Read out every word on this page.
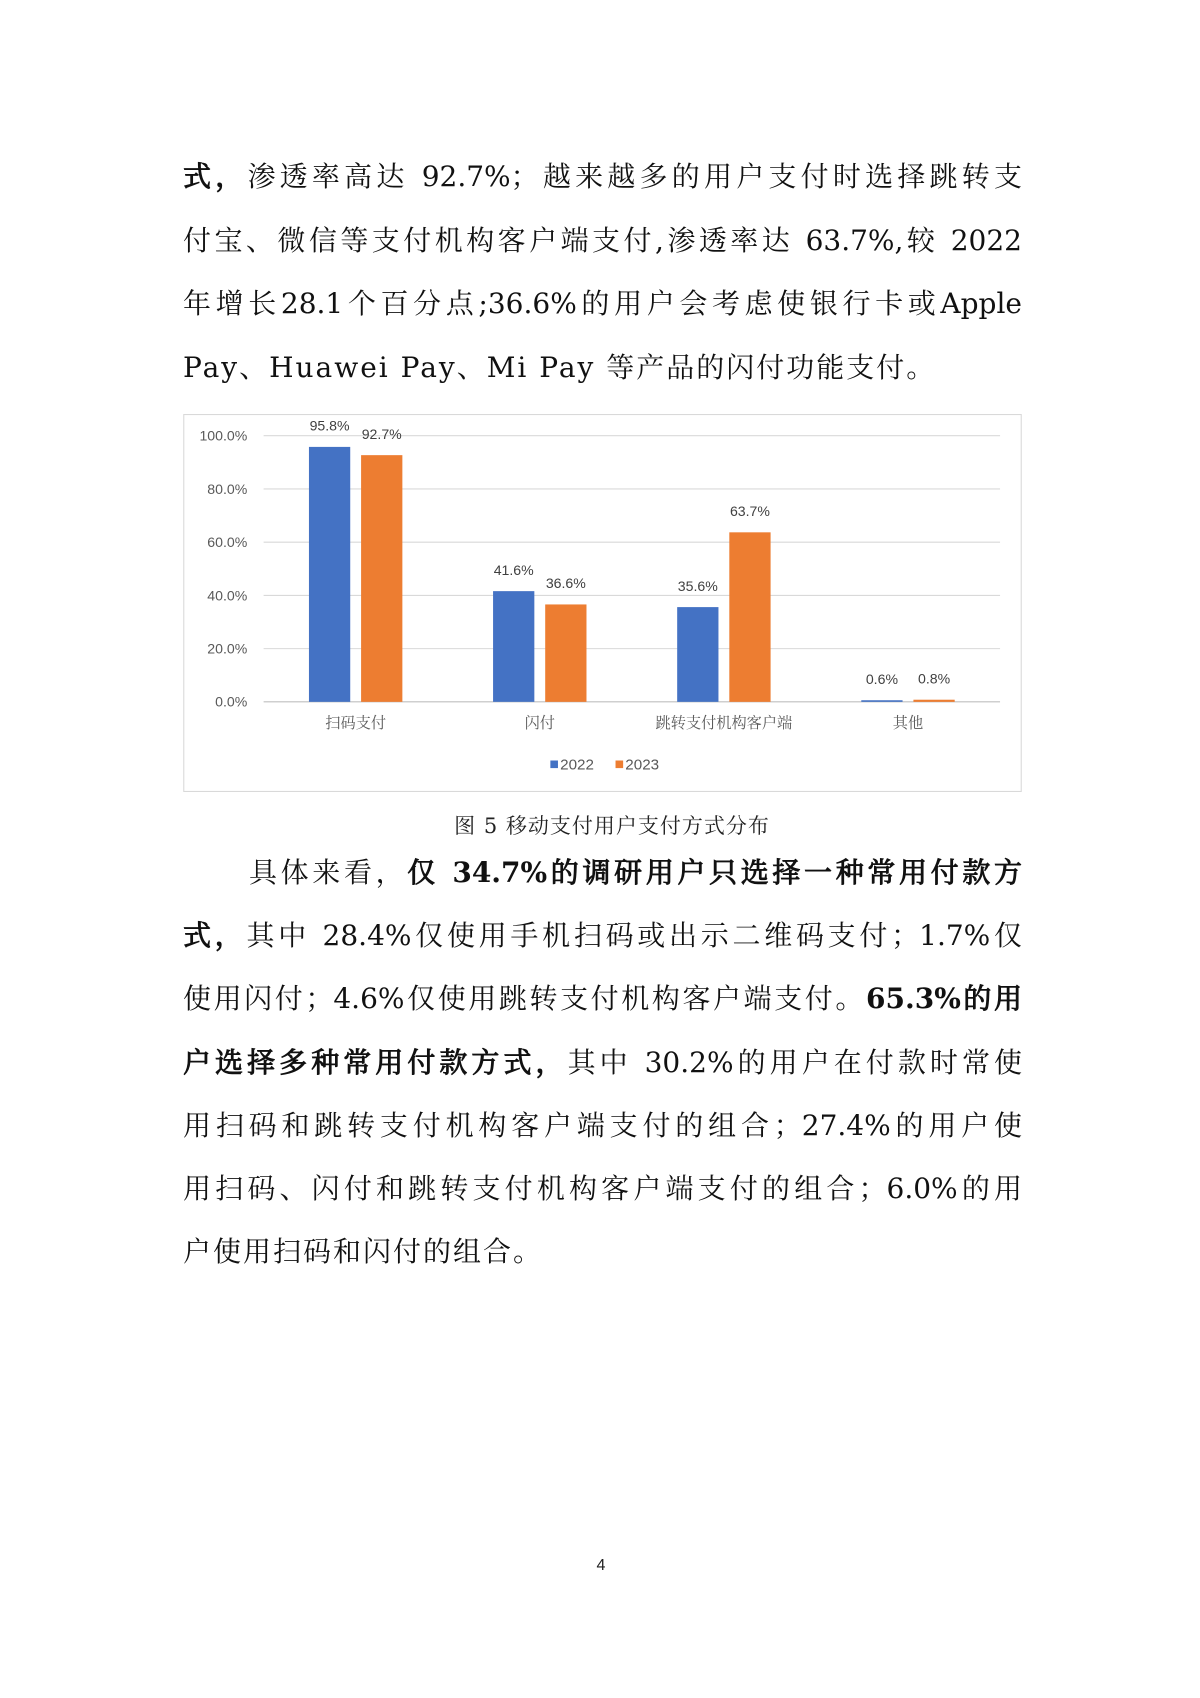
式，渗透率高达 92.7%；越来越多的用户支付时选择跳转支
付宝、微信等支付机构客户端支付,渗透率达 63.7%,较 2022
年增长28.1个百分点;36.6%的用户会考虑使银行卡或Apple
Pay、Huawei Pay、Mi Pay 等产品的闪付功能支付。
0.0%
20.0%
40.0%
60.0%
80.0%
100.0%
95.8%
92.7%
扫码支付
41.6%
36.6%
闪付
35.6%
63.7%
跳转支付机构客户端
0.6% 0.8%
其他
2022 2023
图 5 移动支付用户支付方式分布
具体来看，仅 34.7%的调研用户只选择一种常用付款方
式，其中 28.4%仅使用手机扫码或出示二维码支付；1.7%仅
使用闪付；4.6%仅使用跳转支付机构客户端支付。65.3%的用
户选择多种常用付款方式，其中 30.2%的用户在付款时常使
用扫码和跳转支付机构客户端支付的组合；27.4%的用户使
用扫码、闪付和跳转支付机构客户端支付的组合；6.0%的用
户使用扫码和闪付的组合。
4
